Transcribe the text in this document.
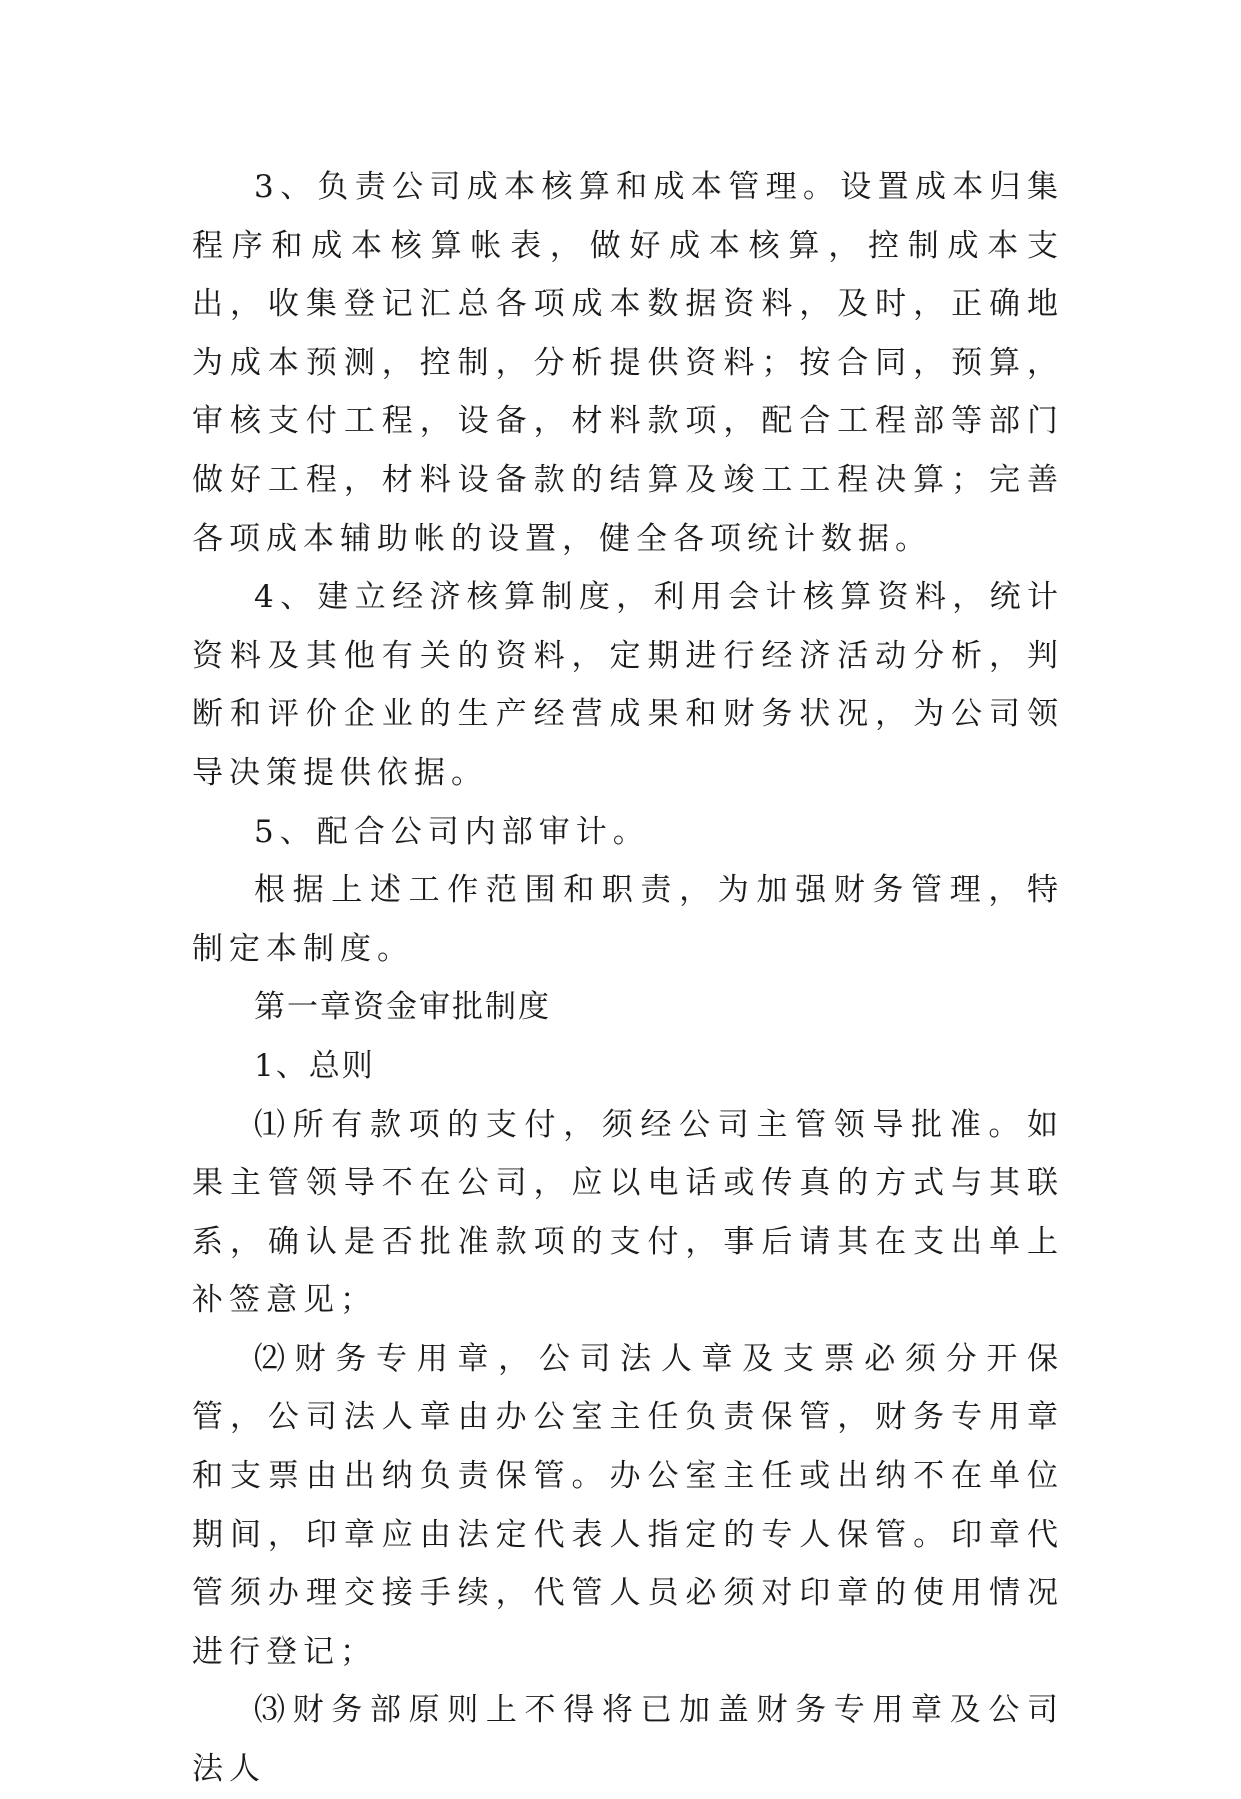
3、负责公司成本核算和成本管理。设置成本归集程序和成本核算帐表，做好成本核算，控制成本支出，收集登记汇总各项成本数据资料，及时，正确地为成本预测，控制，分析提供资料；按合同，预算，审核支付工程，设备，材料款项，配合工程部等部门做好工程，材料设备款的结算及竣工工程决算；完善各项成本辅助帐的设置，健全各项统计数据。

4、建立经济核算制度，利用会计核算资料，统计资料及其他有关的资料，定期进行经济活动分析，判断和评价企业的生产经营成果和财务状况，为公司领导决策提供依据。

5、配合公司内部审计。

根据上述工作范围和职责，为加强财务管理，特制定本制度。

第一章资金审批制度

1、总则

⑴所有款项的支付，须经公司主管领导批准。如果主管领导不在公司，应以电话或传真的方式与其联系，确认是否批准款项的支付，事后请其在支出单上补签意见；

⑵财务专用章，公司法人章及支票必须分开保管，公司法人章由办公室主任负责保管，财务专用章和支票由出纳负责保管。办公室主任或出纳不在单位期间，印章应由法定代表人指定的专人保管。印章代管须办理交接手续，代管人员必须对印章的使用情况进行登记；

⑶财务部原则上不得将已加盖财务专用章及公司法人
